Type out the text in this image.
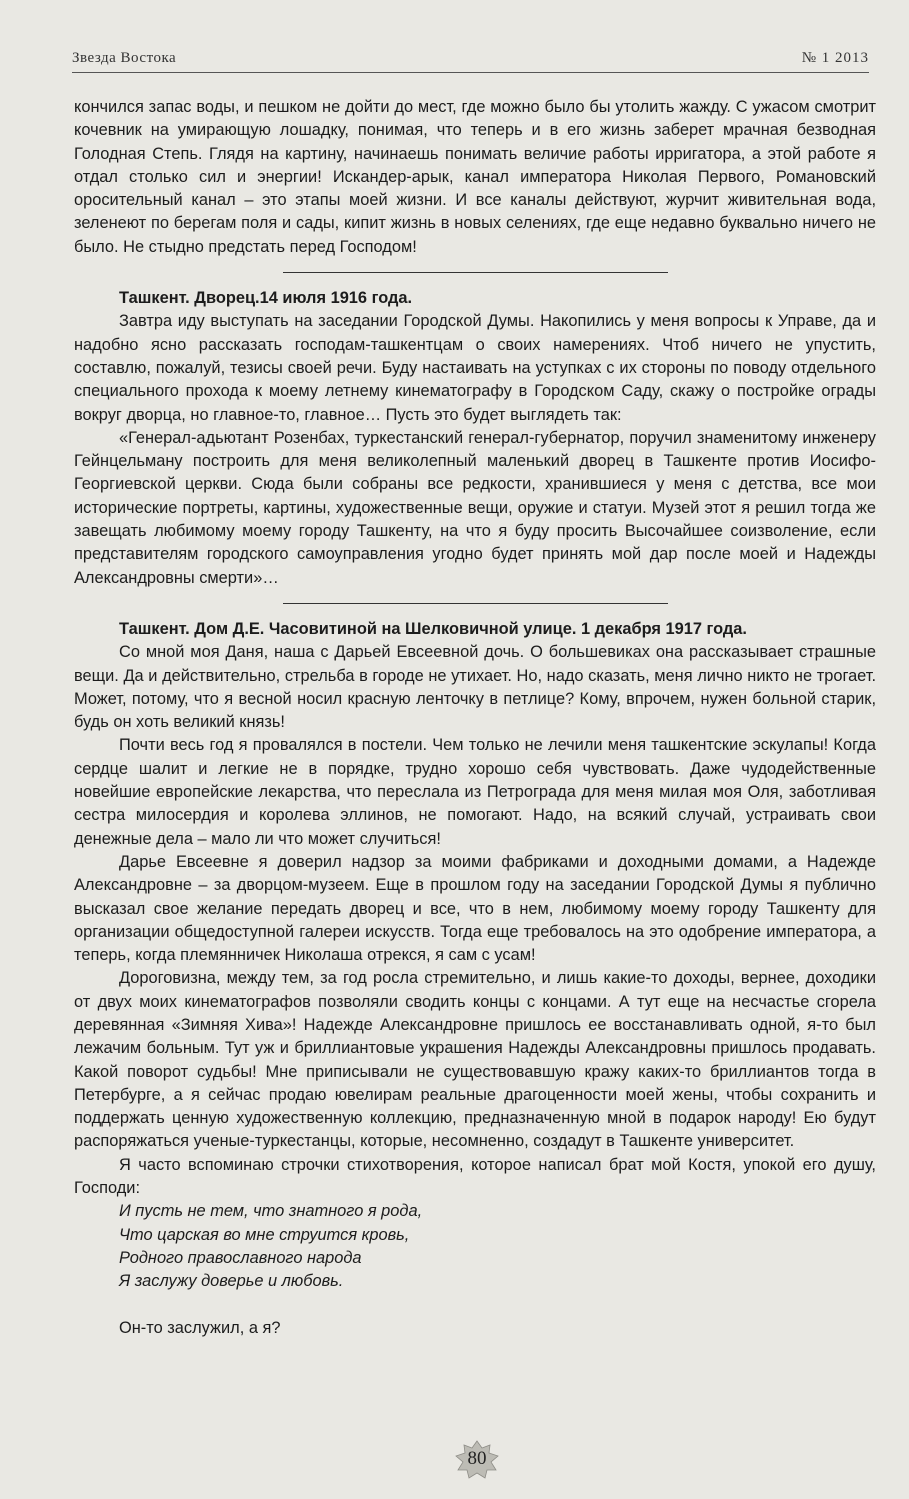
Звезда Востока	№ 1 2013

кончился запас воды, и пешком не дойти до мест, где можно было бы утолить жажду. С ужасом смотрит кочевник на умирающую лошадку, понимая, что теперь и в его жизнь заберет мрачная безводная Голодная Степь. Глядя на картину, начинаешь понимать величие работы ирригатора, а этой работе я отдал столько сил и энергии! Искандер-арык, канал императора Николая Первого, Романовский оросительный канал – это этапы моей жизни. И все каналы действуют, журчит живительная вода, зеленеют по берегам поля и сады, кипит жизнь в новых селениях, где еще недавно буквально ничего не было. Не стыдно предстать перед Господом!

Ташкент. Дворец.14 июля 1916 года.

Завтра иду выступать на заседании Городской Думы. Накопились у меня вопросы к Управе, да и надобно ясно рассказать господам-ташкентцам о своих намерениях. Чтоб ничего не упустить, составлю, пожалуй, тезисы своей речи. Буду настаивать на уступках с их стороны по поводу отдельного специального прохода к моему летнему кинематографу в Городском Саду, скажу о постройке ограды вокруг дворца, но главное-то, главное… Пусть это будет выглядеть так:

«Генерал-адьютант Розенбах, туркестанский генерал-губернатор, поручил знаменитому инженеру Гейнцельману построить для меня великолепный маленький дворец в Ташкенте против Иосифо-Георгиевской церкви. Сюда были собраны все редкости, хранившиеся у меня с детства, все мои исторические портреты, картины, художественные вещи, оружие и статуи. Музей этот я решил тогда же завещать любимому моему городу Ташкенту, на что я буду просить Высочайшее соизволение, если представителям городского самоуправления угодно будет принять мой дар после моей и Надежды Александровны смерти»…

Ташкент. Дом Д.Е. Часовитиной на Шелковичной улице. 1 декабря 1917 года.

Со мной моя Даня, наша с Дарьей Евсеевной дочь. О большевиках она рассказывает страшные вещи. Да и действительно, стрельба в городе не утихает. Но, надо сказать, меня лично никто не трогает. Может, потому, что я весной носил красную ленточку в петлице? Кому, впрочем, нужен больной старик, будь он хоть великий князь!

Почти весь год я провалялся в постели. Чем только не лечили меня ташкентские эскулапы! Когда сердце шалит и легкие не в порядке, трудно хорошо себя чувствовать. Даже чудодейственные новейшие европейские лекарства, что переслала из Петрограда для меня милая моя Оля, заботливая сестра милосердия и королева эллинов, не помогают. Надо, на всякий случай, устраивать свои денежные дела – мало ли что может случиться!

Дарье Евсеевне я доверил надзор за моими фабриками и доходными домами, а Надежде Александровне – за дворцом-музеем. Еще в прошлом году на заседании Городской Думы я публично высказал свое желание передать дворец и все, что в нем, любимому моему городу Ташкенту для организации общедоступной галереи искусств. Тогда еще требовалось на это одобрение императора, а теперь, когда племянничек Николаша отрекся, я сам с усам!

Дороговизна, между тем, за год росла стремительно, и лишь какие-то доходы, вернее, доходики от двух моих кинематографов позволяли сводить концы с концами. А тут еще на несчастье сгорела деревянная «Зимняя Хива»! Надежде Александровне пришлось ее восстанавливать одной, я-то был лежачим больным. Тут уж и бриллиантовые украшения Надежды Александровны пришлось продавать. Какой поворот судьбы! Мне приписывали не существовавшую кражу каких-то бриллиантов тогда в Петербурге, а я сейчас продаю ювелирам реальные драгоценности моей жены, чтобы сохранить и поддержать ценную художественную коллекцию, предназначенную мной в подарок народу! Ею будут распоряжаться ученые-туркестанцы, которые, несомненно, создадут в Ташкенте университет.

Я часто вспоминаю строчки стихотворения, которое написал брат мой Костя, упокой его душу, Господи:

И пусть не тем, что знатного я рода,
Что царская во мне струится кровь,
Родного православного народа
Я заслужу доверье и любовь.

Он-то заслужил, а я?

80
